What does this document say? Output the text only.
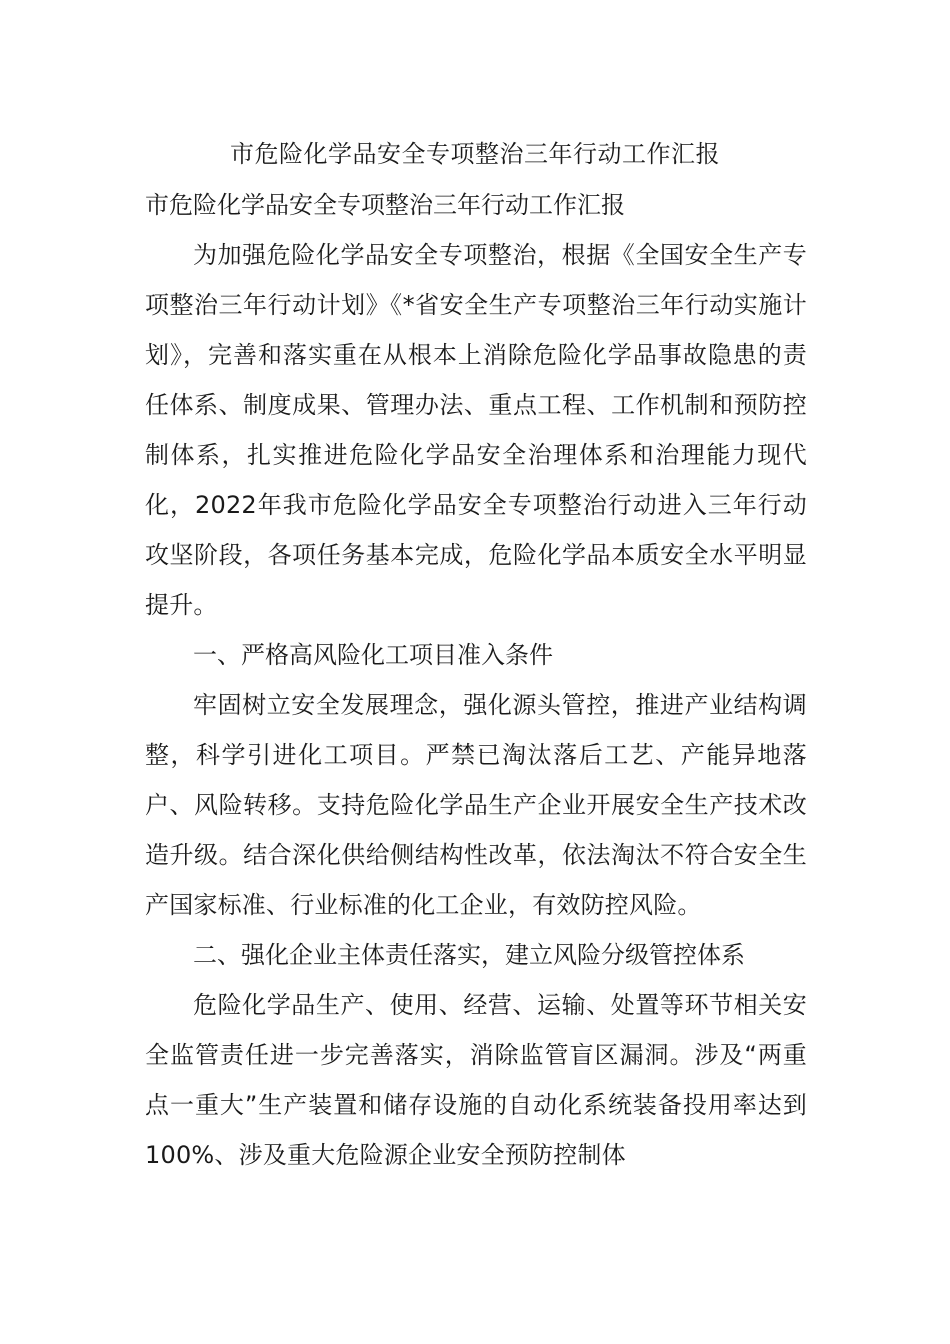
市危险化学品安全专项整治三年行动工作汇报
市危险化学品安全专项整治三年行动工作汇报

为加强危险化学品安全专项整治，根据《全国安全生产专项整治三年行动计划》《*省安全生产专项整治三年行动实施计划》，完善和落实重在从根本上消除危险化学品事故隐患的责任体系、制度成果、管理办法、重点工程、工作机制和预防控制体系，扎实推进危险化学品安全治理体系和治理能力现代化，2022年我市危险化学品安全专项整治行动进入三年行动攻坚阶段，各项任务基本完成，危险化学品本质安全水平明显提升。

一、严格高风险化工项目准入条件

牢固树立安全发展理念，强化源头管控，推进产业结构调整，科学引进化工项目。严禁已淘汰落后工艺、产能异地落户、风险转移。支持危险化学品生产企业开展安全生产技术改造升级。结合深化供给侧结构性改革，依法淘汰不符合安全生产国家标准、行业标准的化工企业，有效防控风险。

二、强化企业主体责任落实，建立风险分级管控体系

危险化学品生产、使用、经营、运输、处置等环节相关安全监管责任进一步完善落实，消除监管盲区漏洞。涉及“两重点一重大”生产装置和储存设施的自动化系统装备投用率达到100%、涉及重大危险源企业安全预防控制体
